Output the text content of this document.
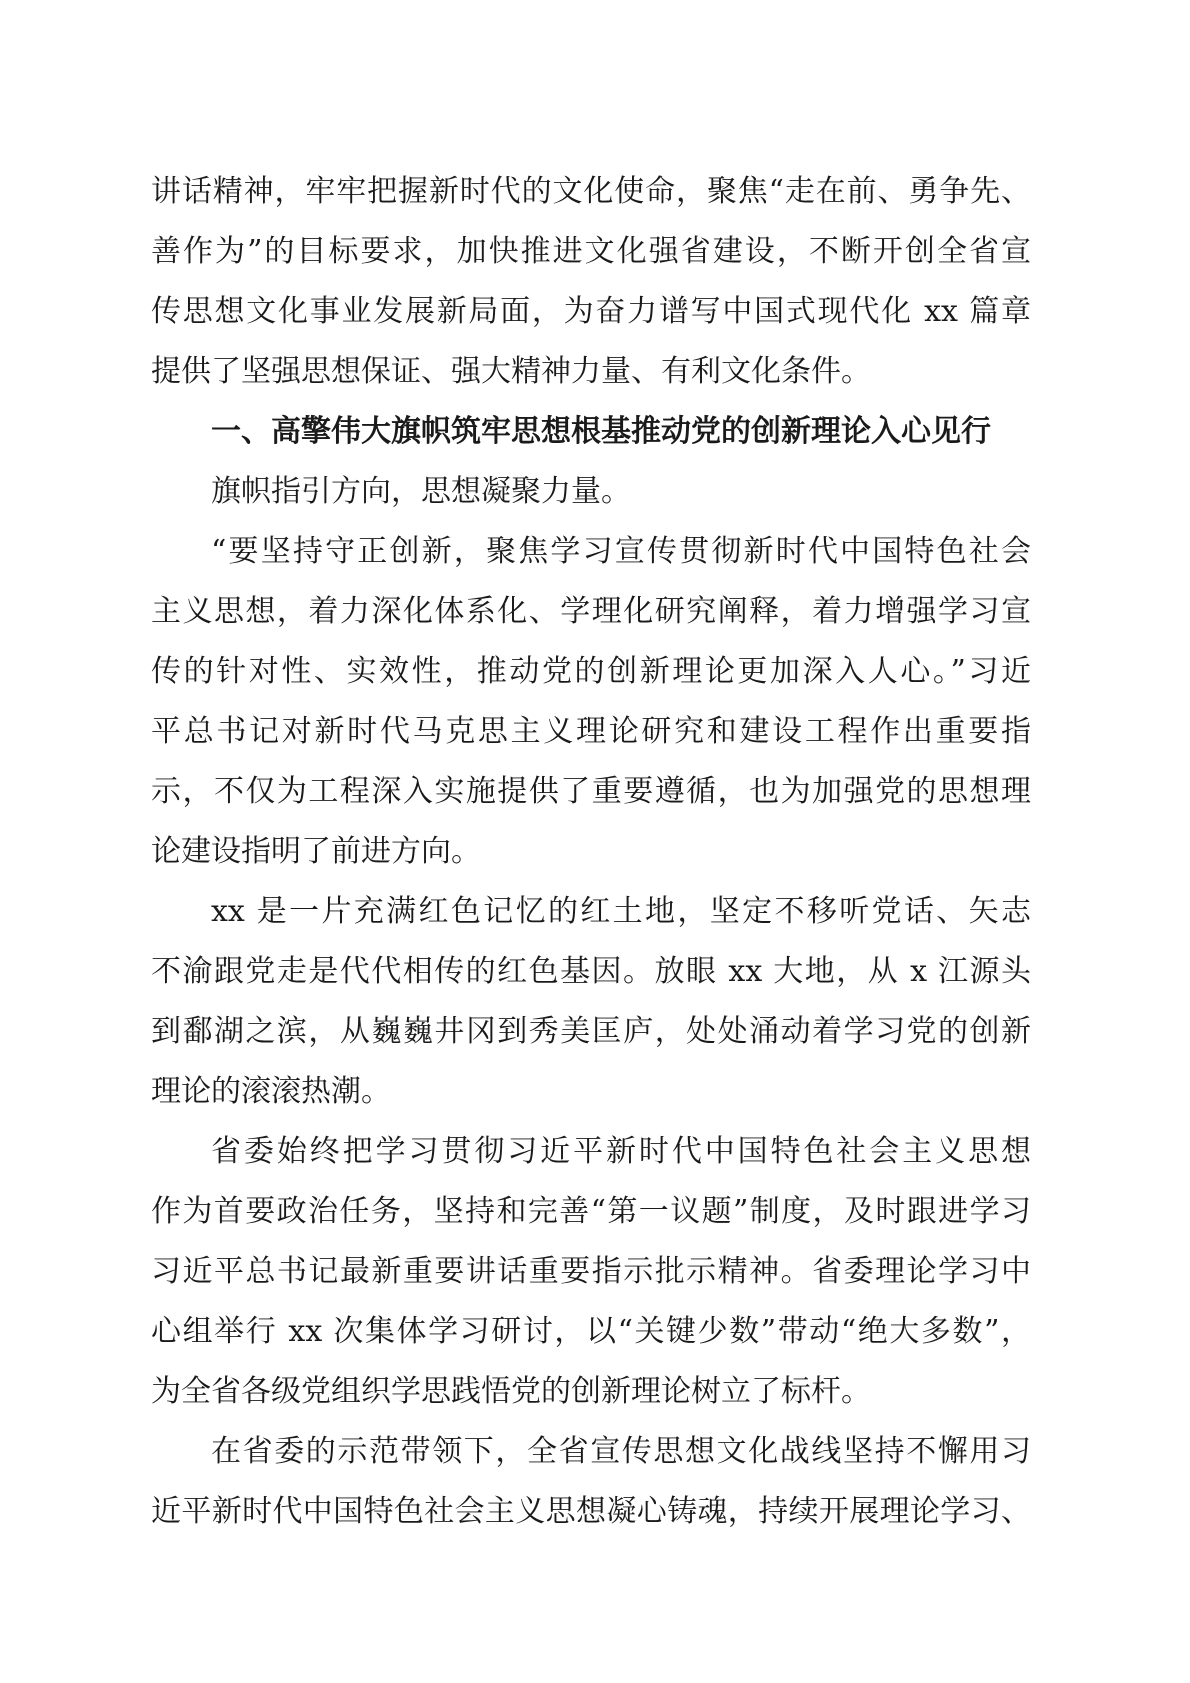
讲话精神，牢牢把握新时代的文化使命，聚焦“走在前、勇争先、
善作为”的目标要求，加快推进文化强省建设，不断开创全省宣
传思想文化事业发展新局面，为奋力谱写中国式现代化 xx 篇章
提供了坚强思想保证、强大精神力量、有利文化条件。
一、高擎伟大旗帜筑牢思想根基推动党的创新理论入心见行
旗帜指引方向，思想凝聚力量。
“要坚持守正创新，聚焦学习宣传贯彻新时代中国特色社会
主义思想，着力深化体系化、学理化研究阐释，着力增强学习宣
传的针对性、实效性，推动党的创新理论更加深入人心。”习近
平总书记对新时代马克思主义理论研究和建设工程作出重要指
示，不仅为工程深入实施提供了重要遵循，也为加强党的思想理
论建设指明了前进方向。
xx 是一片充满红色记忆的红土地，坚定不移听党话、矢志
不渝跟党走是代代相传的红色基因。放眼 xx 大地，从 x 江源头
到鄱湖之滨，从巍巍井冈到秀美匡庐，处处涌动着学习党的创新
理论的滚滚热潮。
省委始终把学习贯彻习近平新时代中国特色社会主义思想
作为首要政治任务，坚持和完善“第一议题”制度，及时跟进学习
习近平总书记最新重要讲话重要指示批示精神。省委理论学习中
心组举行 xx 次集体学习研讨，以“关键少数”带动“绝大多数”，
为全省各级党组织学思践悟党的创新理论树立了标杆。
在省委的示范带领下，全省宣传思想文化战线坚持不懈用习
近平新时代中国特色社会主义思想凝心铸魂，持续开展理论学习、
